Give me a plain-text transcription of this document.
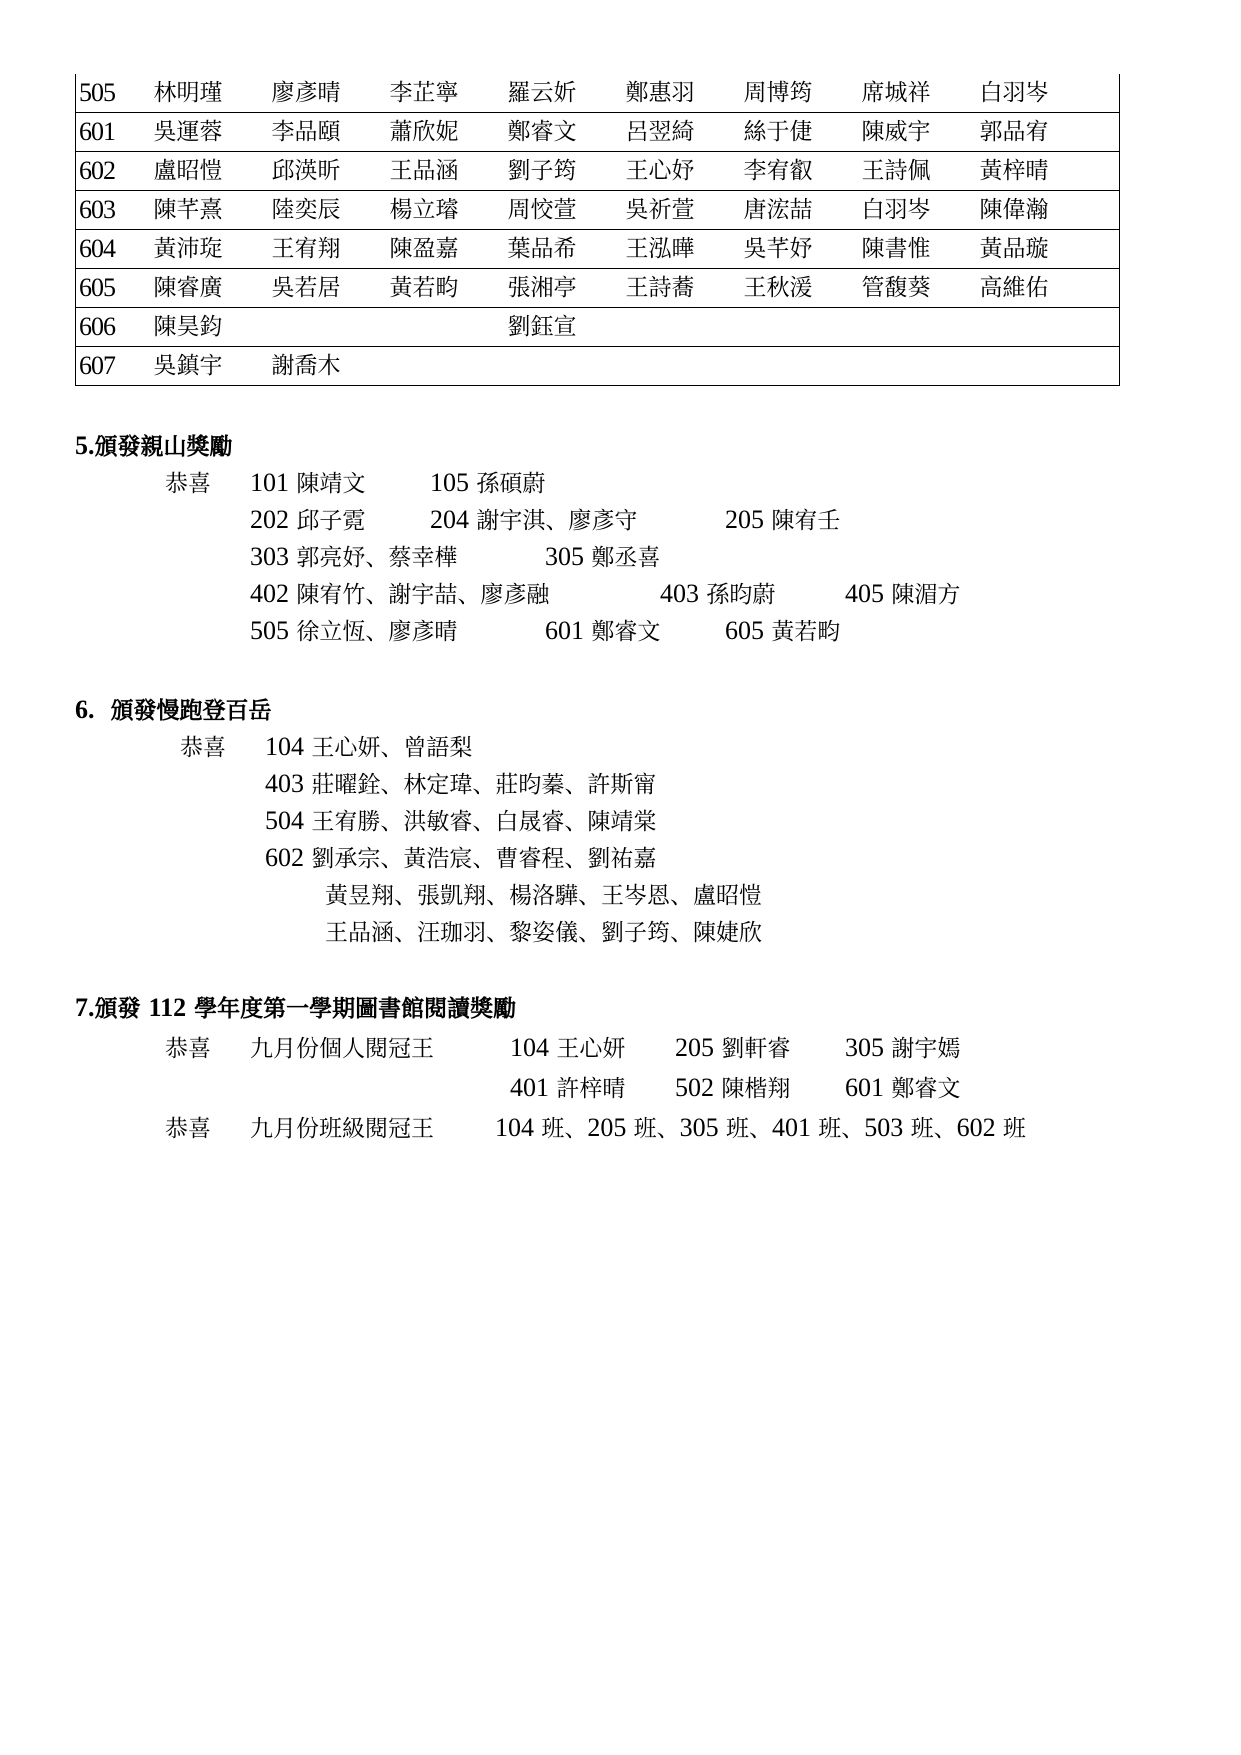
505	林明瑾	廖彥晴	李芷寧	羅云妡	鄭惠羽	周博筠	席城祥	白羽岑
601	吳運蓉	李品頤	蕭欣妮	鄭睿文	呂翌綺	絲于倢	陳威宇	郭品宥
602	盧昭愷	邱渶昕	王品涵	劉子筠	王心妤	李宥叡	王詩佩	黃梓晴
603	陳芊熹	陸奕辰	楊立璿	周恔萱	吳祈萱	唐浤喆	白羽岑	陳偉瀚
604	黃沛琁	王宥翔	陳盈嘉	葉品希	王泓曄	吳芊妤	陳書惟	黃品璇
605	陳睿廣	吳若居	黃若畇	張湘亭	王詩蕎	王秋湲	管馥葵	高維佑
606	陳昊鈞			劉鈺宣				
607	吳鎮宇	謝喬木						
5.頒發親山獎勵
恭喜 101 陳靖文 105 孫碩蔚
202 邱子霓 204 謝宇淇、廖彥守	205 陳宥壬
303 郭亮妤、蔡幸樺	305 鄭丞喜
402 陳宥竹、謝宇喆、廖彥融	403 孫昀蔚	405 陳湄方
505 徐立恆、廖彥晴	601 鄭睿文 605 黃若畇
6. 頒發慢跑登百岳
恭喜 104 王心妍、曾語梨
403 莊曜銓、林定瑋、莊昀蓁、許斯甯
504 王宥勝、洪敏睿、白晟睿、陳靖棠
602 劉承宗、黃浩宸、曹睿程、劉祐嘉
黃昱翔、張凱翔、楊洛驊、王岑恩、盧昭愷
王品涵、汪珈羽、黎姿儀、劉子筠、陳婕欣
7.頒發 112 學年度第一學期圖書館閱讀獎勵
恭喜 九月份個人閱冠王	104 王心妍 205 劉軒睿 305 謝宇嫣
401 許梓晴 502 陳楷翔 601 鄭睿文
恭喜 九月份班級閱冠王 104 班、205 班、305 班、401 班、503 班、602 班
